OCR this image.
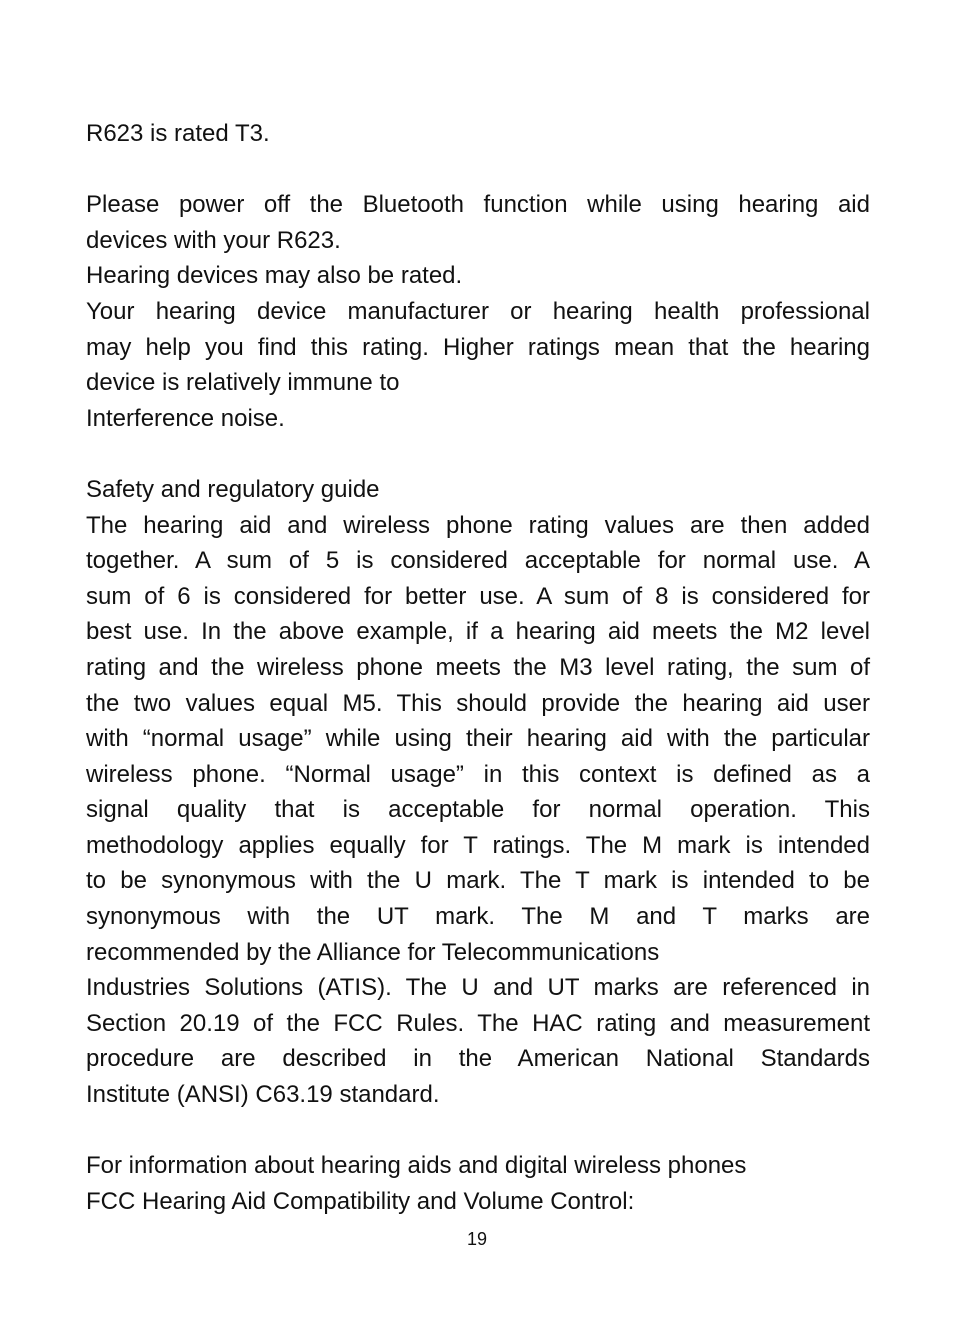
R623 is rated T3.
Please power off the Bluetooth function while using hearing aid
devices with your R623.
Hearing devices may also be rated.
Your hearing device manufacturer or hearing health professional
may help you find this rating. Higher ratings mean that the hearing
device is relatively immune to
Interference noise.
Safety and regulatory guide
The hearing aid and wireless phone rating values are then added
together. A sum of 5 is considered acceptable for normal use. A
sum of 6 is considered for better use. A sum of 8 is considered for
best use. In the above example, if a hearing aid meets the M2 level
rating and the wireless phone meets the M3 level rating, the sum of
the two values equal M5. This should provide the hearing aid user
with “normal usage” while using their hearing aid with the particular
wireless phone. “Normal usage” in this context is defined as a
signal quality that is acceptable for normal operation. This
methodology applies equally for T ratings. The M mark is intended
to be synonymous with the U mark. The T mark is intended to be
synonymous with the UT mark. The M and T marks are
recommended by the Alliance for Telecommunications
Industries Solutions (ATIS). The U and UT marks are referenced in
Section 20.19 of the FCC Rules. The HAC rating and measurement
procedure are described in the American National Standards
Institute (ANSI) C63.19 standard.
For information about hearing aids and digital wireless phones
FCC Hearing Aid Compatibility and Volume Control:
19
